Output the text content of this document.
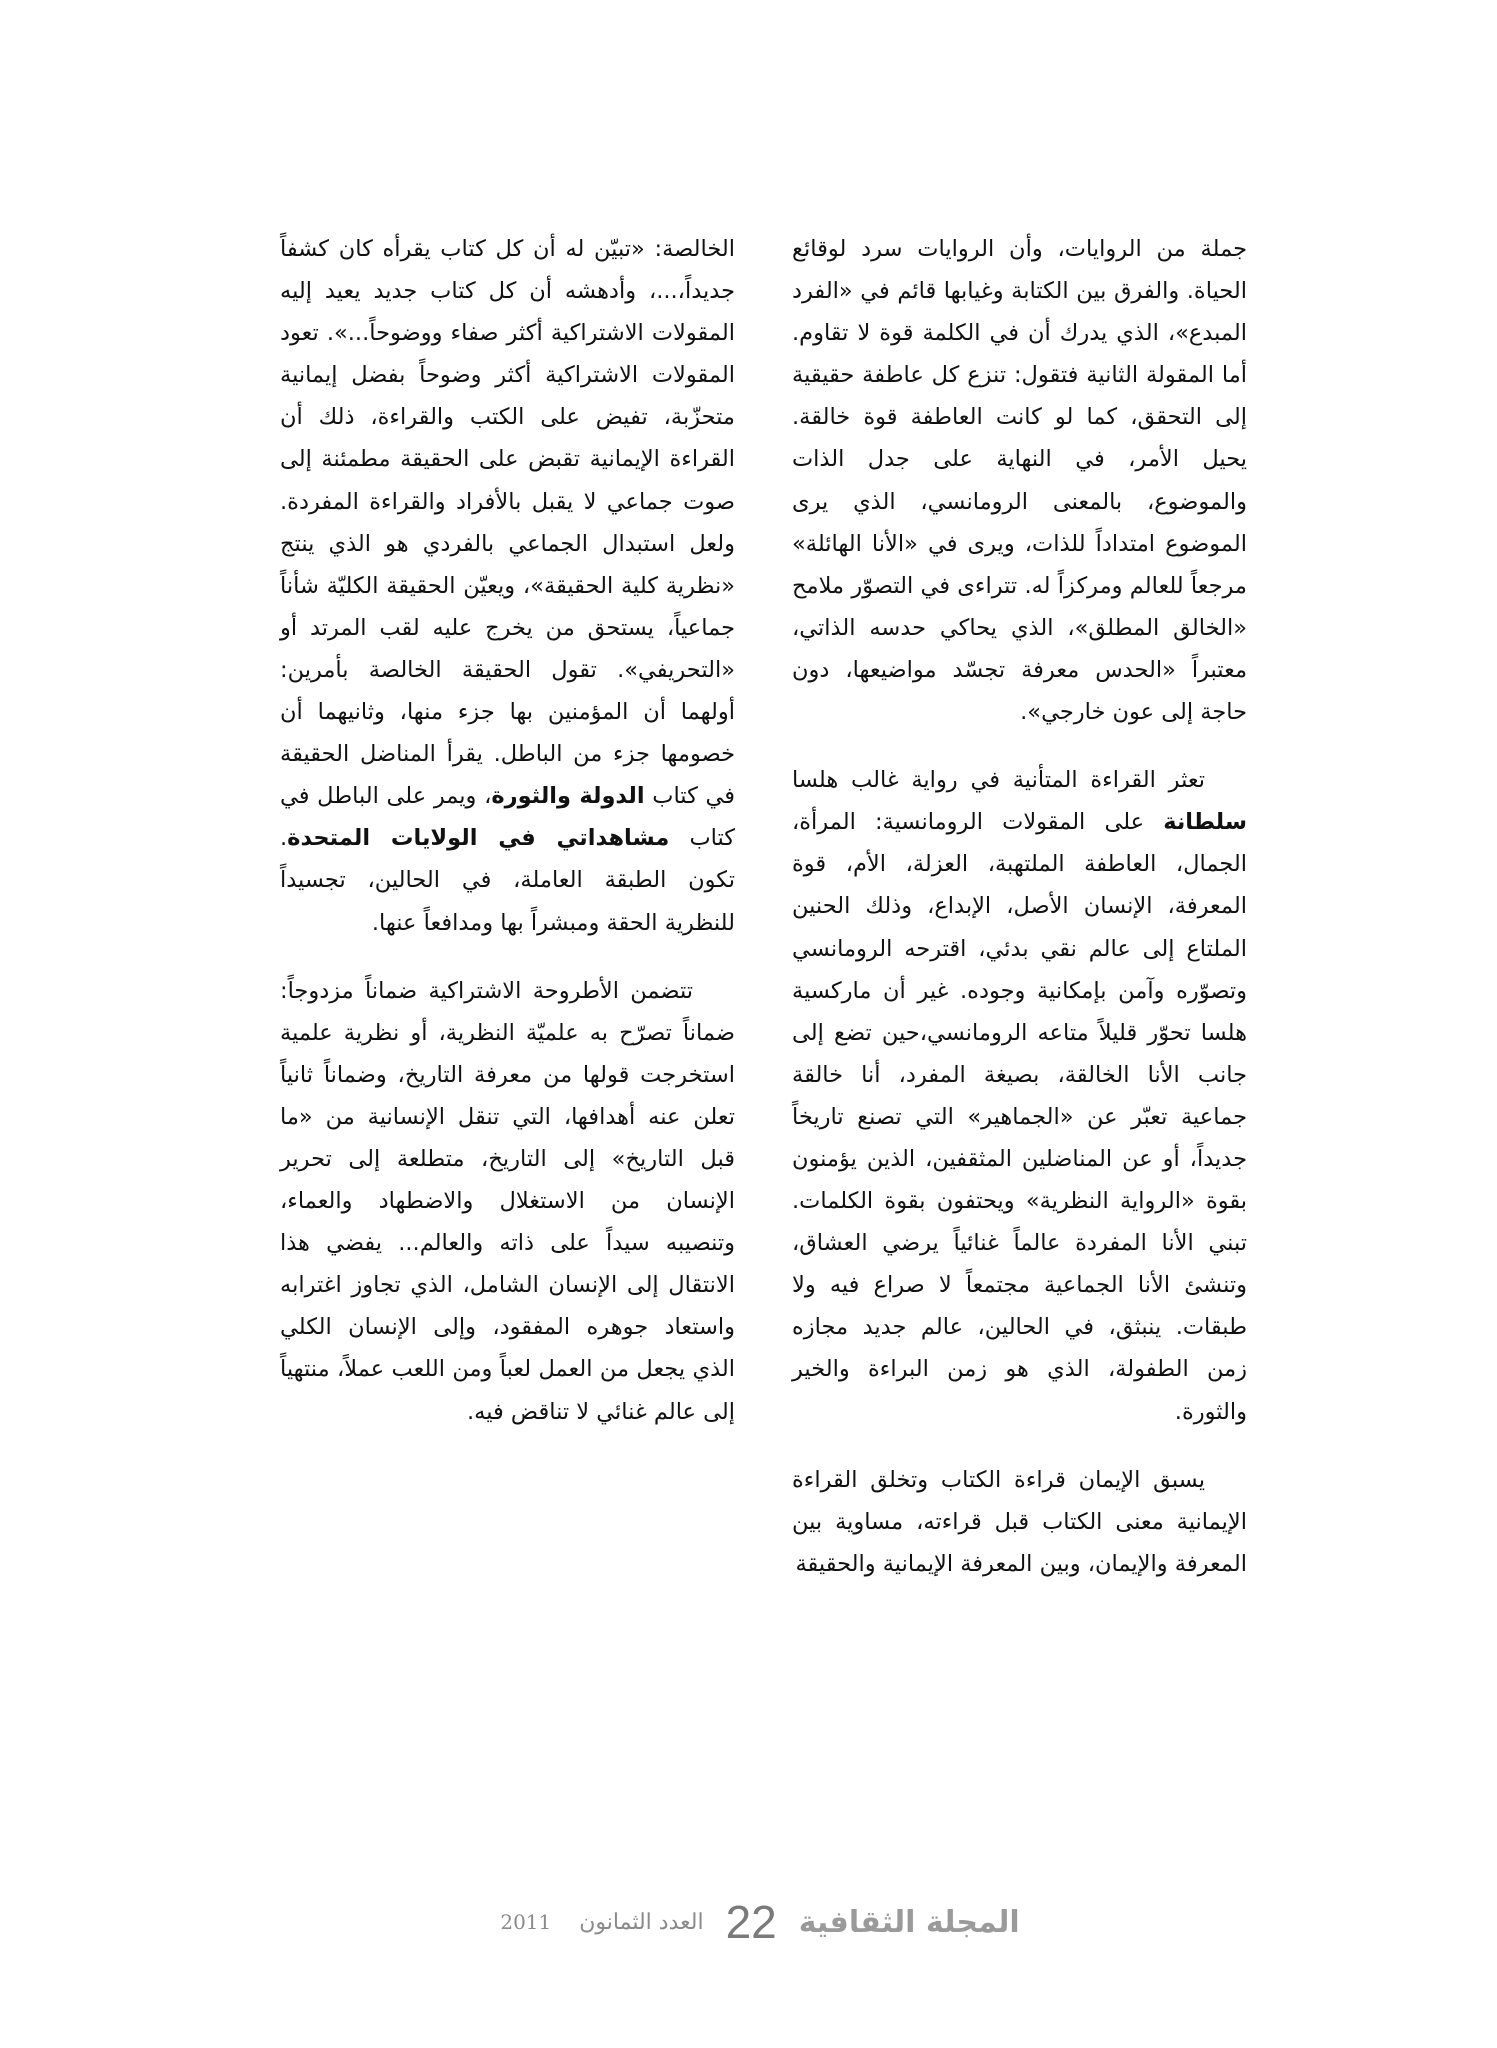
جملة من الروايات، وأن الروايات سرد لوقائع الحياة. والفرق بين الكتابة وغيابها قائم في «الفرد المبدع»، الذي يدرك أن في الكلمة قوة لا تقاوم. أما المقولة الثانية فتقول: تنزع كل عاطفة حقيقية إلى التحقق، كما لو كانت العاطفة قوة خالقة. يحيل الأمر، في النهاية على جدل الذات والموضوع، بالمعنى الرومانسي، الذي يرى الموضوع امتداداً للذات، ويرى في «الأنا الهائلة» مرجعاً للعالم ومركزاً له. تتراءى في التصوّر ملامح «الخالق المطلق»، الذي يحاكي حدسه الذاتي، معتبراً «الحدس معرفة تجسّد مواضيعها، دون حاجة إلى عون خارجي».

تعثر القراءة المتأنية في رواية غالب هلسا سلطانة على المقولات الرومانسية: المرأة، الجمال، العاطفة الملتهبة، العزلة، الأم، قوة المعرفة، الإنسان الأصل، الإبداع، وذلك الحنين الملتاع إلى عالم نقي بدئي، اقترحه الرومانسي وتصوّره وآمن بإمكانية وجوده. غير أن ماركسية هلسا تحوّر قليلاً متاعه الرومانسي،حين تضع إلى جانب الأنا الخالقة، بصيغة المفرد، أنا خالقة جماعية تعبّر عن «الجماهير» التي تصنع تاريخاً جديداً، أو عن المناضلين المثقفين، الذين يؤمنون بقوة «الرواية النظرية» ويحتفون بقوة الكلمات. تبني الأنا المفردة عالماً غنائياً يرضي العشاق، وتنشئ الأنا الجماعية مجتمعاً لا صراع فيه ولا طبقات. ينبثق، في الحالين، عالم جديد مجازه زمن الطفولة، الذي هو زمن البراءة والخير والثورة.

يسبق الإيمان قراءة الكتاب وتخلق القراءة الإيمانية معنى الكتاب قبل قراءته، مساوية بين المعرفة والإيمان، وبين المعرفة الإيمانية والحقيقة

الخالصة: «تبيّن له أن كل كتاب يقرأه كان كشفاً جديداً،...، وأدهشه أن كل كتاب جديد يعيد إليه المقولات الاشتراكية أكثر صفاء ووضوحاً...». تعود المقولات الاشتراكية أكثر وضوحاً بفضل إيمانية متحزّبة، تفيض على الكتب والقراءة، ذلك أن القراءة الإيمانية تقبض على الحقيقة مطمئنة إلى صوت جماعي لا يقبل بالأفراد والقراءة المفردة. ولعل استبدال الجماعي بالفردي هو الذي ينتج «نظرية كلية الحقيقة»، ويعيّن الحقيقة الكليّة شأناً جماعياً، يستحق من يخرج عليه لقب المرتد أو «التحريفي». تقول الحقيقة الخالصة بأمرين: أولهما أن المؤمنين بها جزء منها، وثانيهما أن خصومها جزء من الباطل. يقرأ المناضل الحقيقة في كتاب الدولة والثورة، ويمر على الباطل في كتاب مشاهداتي في الولايات المتحدة. تكون الطبقة العاملة، في الحالين، تجسيداً للنظرية الحقة ومبشراً بها ومدافعاً عنها.

تتضمن الأطروحة الاشتراكية ضماناً مزدوجاً: ضماناً تصرّح به علميّة النظرية، أو نظرية علمية استخرجت قولها من معرفة التاريخ، وضماناً ثانياً تعلن عنه أهدافها، التي تنقل الإنسانية من «ما قبل التاريخ» إلى التاريخ، متطلعة إلى تحرير الإنسان من الاستغلال والاضطهاد والعماء، وتنصيبه سيداً على ذاته والعالم... يفضي هذا الانتقال إلى الإنسان الشامل، الذي تجاوز اغترابه واستعاد جوهره المفقود، وإلى الإنسان الكلي الذي يجعل من العمل لعباً ومن اللعب عملاً، منتهياً إلى عالم غنائي لا تناقض فيه.

المجلة الثقافية
22
العدد الثمانون
2011
